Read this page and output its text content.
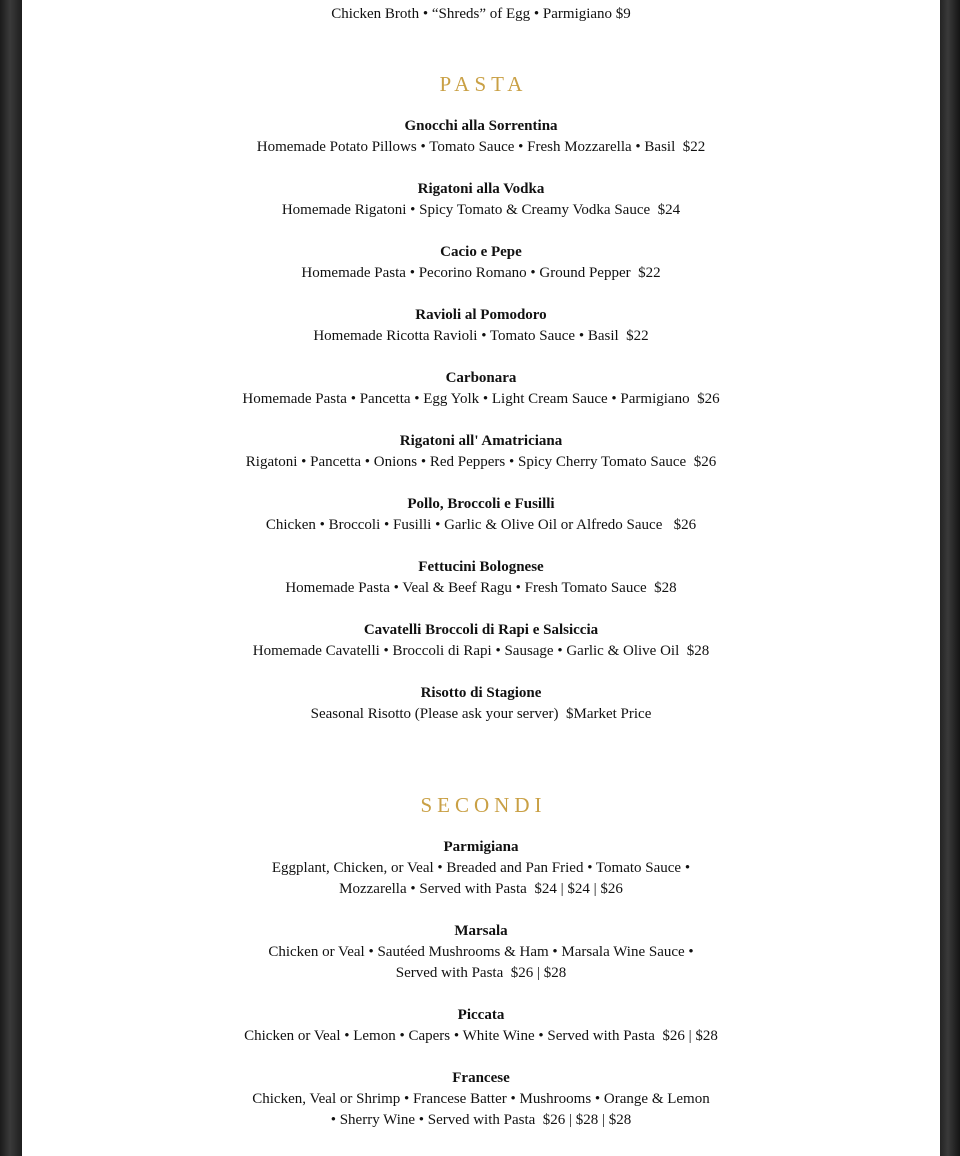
Chicken Broth • “Shreds” of Egg • Parmigiano $9

PASTA

Gnocchi alla Sorrentina

Homemade Potato Pillows • Tomato Sauce • Fresh Mozzarella • Basil  $22

Rigatoni alla Vodka

Homemade Rigatoni • Spicy Tomato & Creamy Vodka Sauce  $24

Cacio e Pepe

Homemade Pasta • Pecorino Romano • Ground Pepper  $22

Ravioli al Pomodoro

Homemade Ricotta Ravioli • Tomato Sauce • Basil  $22

Carbonara

Homemade Pasta • Pancetta • Egg Yolk • Light Cream Sauce • Parmigiano  $26

Rigatoni all' Amatriciana

Rigatoni • Pancetta • Onions • Red Peppers • Spicy Cherry Tomato Sauce  $26

Pollo, Broccoli e Fusilli

Chicken • Broccoli • Fusilli • Garlic & Olive Oil or Alfredo Sauce   $26

Fettucini Bolognese

Homemade Pasta • Veal & Beef Ragu • Fresh Tomato Sauce  $28

Cavatelli Broccoli di Rapi e Salsiccia

Homemade Cavatelli • Broccoli di Rapi • Sausage • Garlic & Olive Oil  $28

Risotto di Stagione

Seasonal Risotto (Please ask your server)  $Market Price

SECONDI

Parmigiana

Eggplant, Chicken, or Veal • Breaded and Pan Fried • Tomato Sauce •

Mozzarella • Served with Pasta  $24 | $24 | $26

Marsala

Chicken or Veal • Sautéed Mushrooms & Ham • Marsala Wine Sauce •

Served with Pasta  $26 | $28

Piccata

Chicken or Veal • Lemon • Capers • White Wine • Served with Pasta  $26 | $28

Francese

Chicken, Veal or Shrimp • Francese Batter • Mushrooms • Orange & Lemon

• Sherry Wine • Served with Pasta  $26 | $28 | $28
